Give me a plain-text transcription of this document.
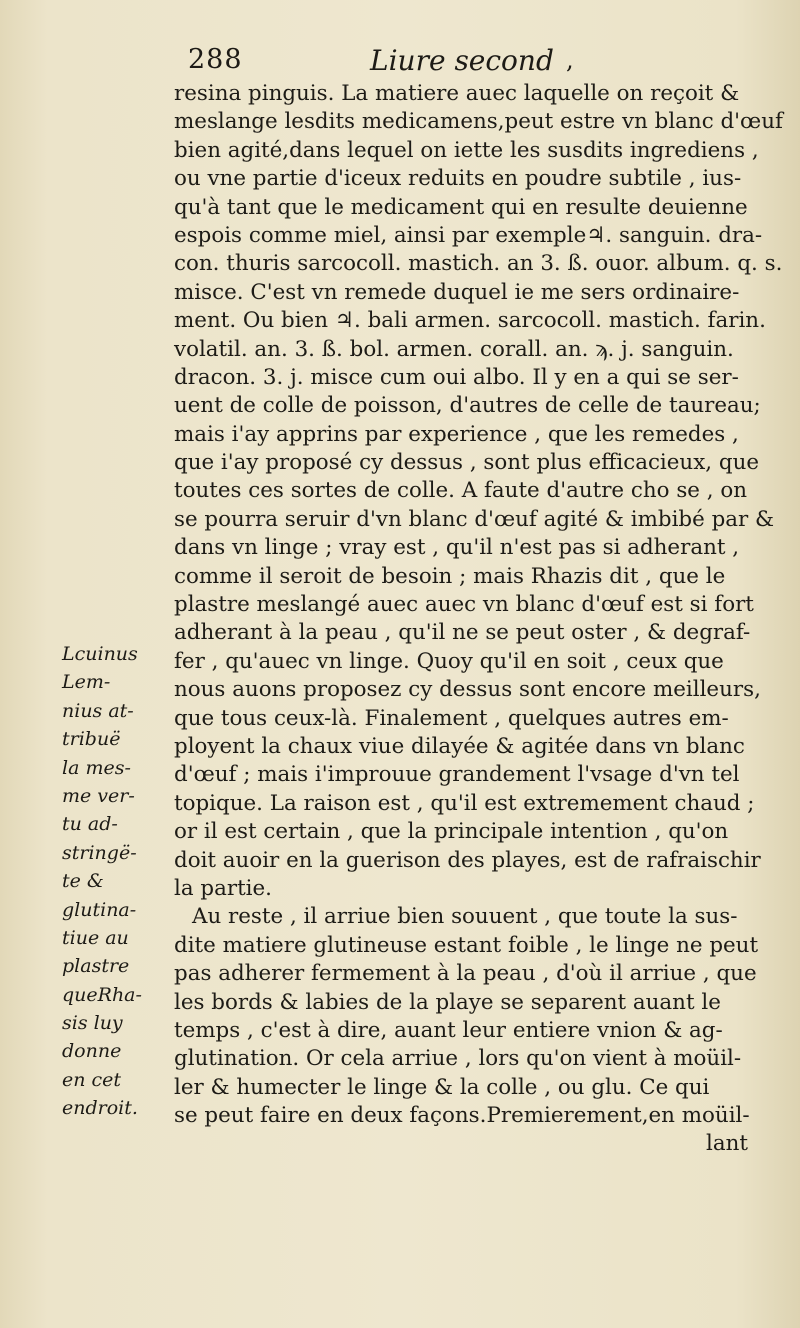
288	Liure second ,
resina pinguis. La matiere auec laquelle on reçoit &
meslange lesdits medicamens,peut estre vn blanc d'œuf
bien agité,dans lequel on iette les susdits ingrediens ,
ou vne partie d'iceux reduits en poudre subtile , ius-
qu'à tant que le medicament qui en resulte deuienne
espois comme miel, ainsi par exemple♃. sanguin. dra-
con. thuris sarcocoll. mastich. an 3. ß. ouor. album. q. s.
misce. C'est vn remede duquel ie me sers ordinaire-
ment. Ou bien ♃. bali armen. sarcocoll. mastich. farin.
volatil. an. 3. ß. bol. armen. corall. an. ϡ. j. sanguin.
dracon. 3. j. misce cum oui albo. Il y en a qui se ser-
uent de colle de poisson, d'autres de celle de taureau;
mais i'ay apprins par experience , que les remedes ,
que i'ay proposé cy dessus , sont plus efficacieux, que
toutes ces sortes de colle. A faute d'autre cho se , on
se pourra seruir d'vn blanc d'œuf agité & imbibé par &
dans vn linge ; vray est , qu'il n'est pas si adherant ,
comme il seroit de besoin ; mais Rhazis dit , que le
plastre meslangé auec auec vn blanc d'œuf est si fort
adherant à la peau , qu'il ne se peut oster , & degraf-
fer , qu'auec vn linge. Quoy qu'il en soit , ceux que
nous auons proposez cy dessus sont encore meilleurs,
que tous ceux-là. Finalement , quelques autres em-
ployent la chaux viue dilayée & agitée dans vn blanc
d'œuf ; mais i'improuue grandement l'vsage d'vn tel
topique. La raison est , qu'il est extremement chaud ;
or il est certain , que la principale intention , qu'on
doit auoir en la guerison des playes, est de rafraischir
la partie.
Au reste , il arriue bien souuent , que toute la sus-
dite matiere glutineuse estant foible , le linge ne peut
pas adherer fermement à la peau , d'où il arriue , que
les bords & labies de la playe se separent auant le
temps , c'est à dire, auant leur entiere vnion & ag-
glutination. Or cela arriue , lors qu'on vient à moüil-
ler & humecter le linge & la colle , ou glu. Ce qui
se peut faire en deux façons.Premierement,en moüil-
lant
Lcuinus
Lem-
nius at-
tribuë
la mes-
me ver-
tu ad-
stringë-
te &
glutina-
tiue au
plastre
queRha-
sis luy
donne
en cet
endroit.
